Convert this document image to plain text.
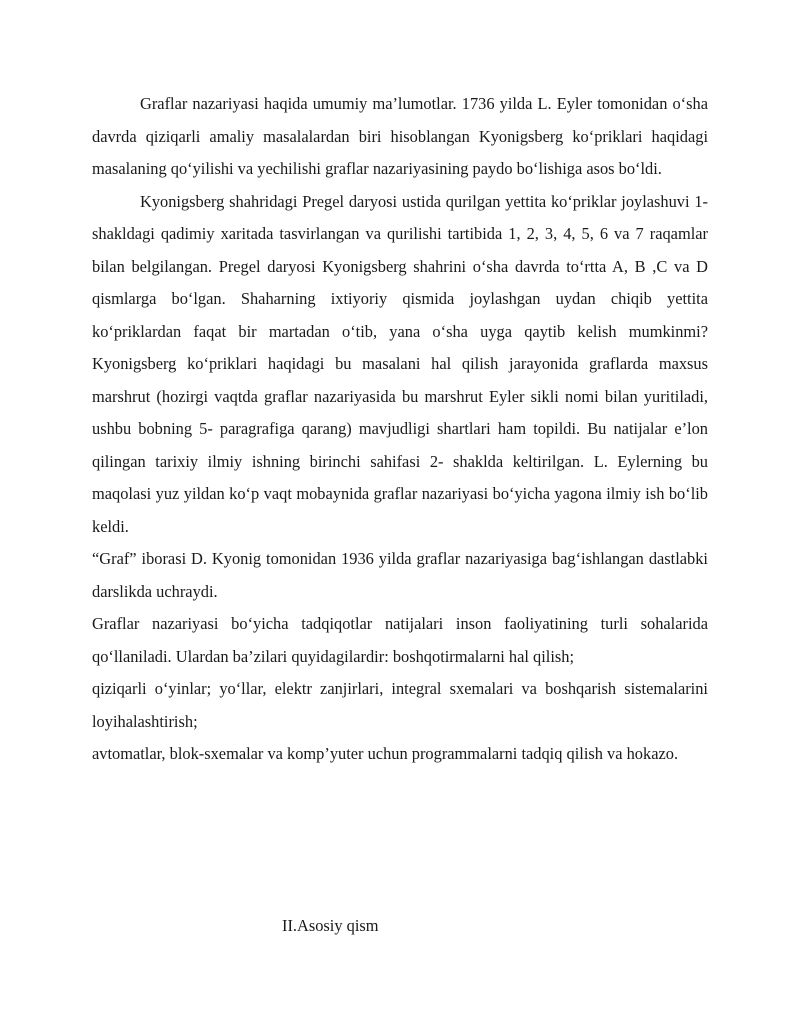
Graflar nazariyasi haqida umumiy ma’lumotlar. 1736 yilda L. Eyler tomonidan o‘sha davrda qiziqarli amaliy masalalardan biri hisoblangan Kyonigsberg ko‘priklari haqidagi masalaning qo‘yilishi va yechilishi graflar nazariyasining paydo bo‘lishiga asos bo‘ldi.

Kyonigsberg shahridagi Pregel daryosi ustida qurilgan yettita ko‘priklar joylashuvi 1- shakldagi qadimiy xaritada tasvirlangan va qurilishi tartibida 1, 2, 3, 4, 5, 6 va 7 raqamlar bilan belgilangan. Pregel daryosi Kyonigsberg shahrini o‘sha davrda to‘rtta A, B ,C va D qismlarga bo‘lgan. Shaharning ixtiyoriy qismida joylashgan uydan chiqib yettita ko‘priklardan faqat bir martadan o‘tib, yana o‘sha uyga qaytib kelish mumkinmi? Kyonigsberg ko‘priklari haqidagi bu masalani hal qilish jarayonida graflarda maxsus marshrut (hozirgi vaqtda graflar nazariyasida bu marshrut Eyler sikli nomi bilan yuritiladi, ushbu bobning 5- paragrafiga qarang) mavjudligi shartlari ham topildi. Bu natijalar e’lon qilingan tarixiy ilmiy ishning birinchi sahifasi 2- shaklda keltirilgan. L. Eylerning bu maqolasi yuz yildan ko‘p vaqt mobaynida graflar nazariyasi bo‘yicha yagona ilmiy ish bo‘lib keldi.

“Graf” iborasi D. Kyonig tomonidan 1936 yilda graflar nazariyasiga bag‘ishlangan dastlabki darslikda uchraydi.

Graflar nazariyasi bo‘yicha tadqiqotlar natijalari inson faoliyatining turli sohalarida qo‘llaniladi. Ulardan ba’zilari quyidagilardir: boshqotirmalarni hal qilish;

qiziqarli o‘yinlar; yo‘llar, elektr zanjirlari, integral sxemalari va boshqarish sistemalarini loyihalashtirish;

avtomatlar, blok-sxemalar va komp’yuter uchun programmalarni tadqiq qilish va hokazo.

II.Asosiy qism
